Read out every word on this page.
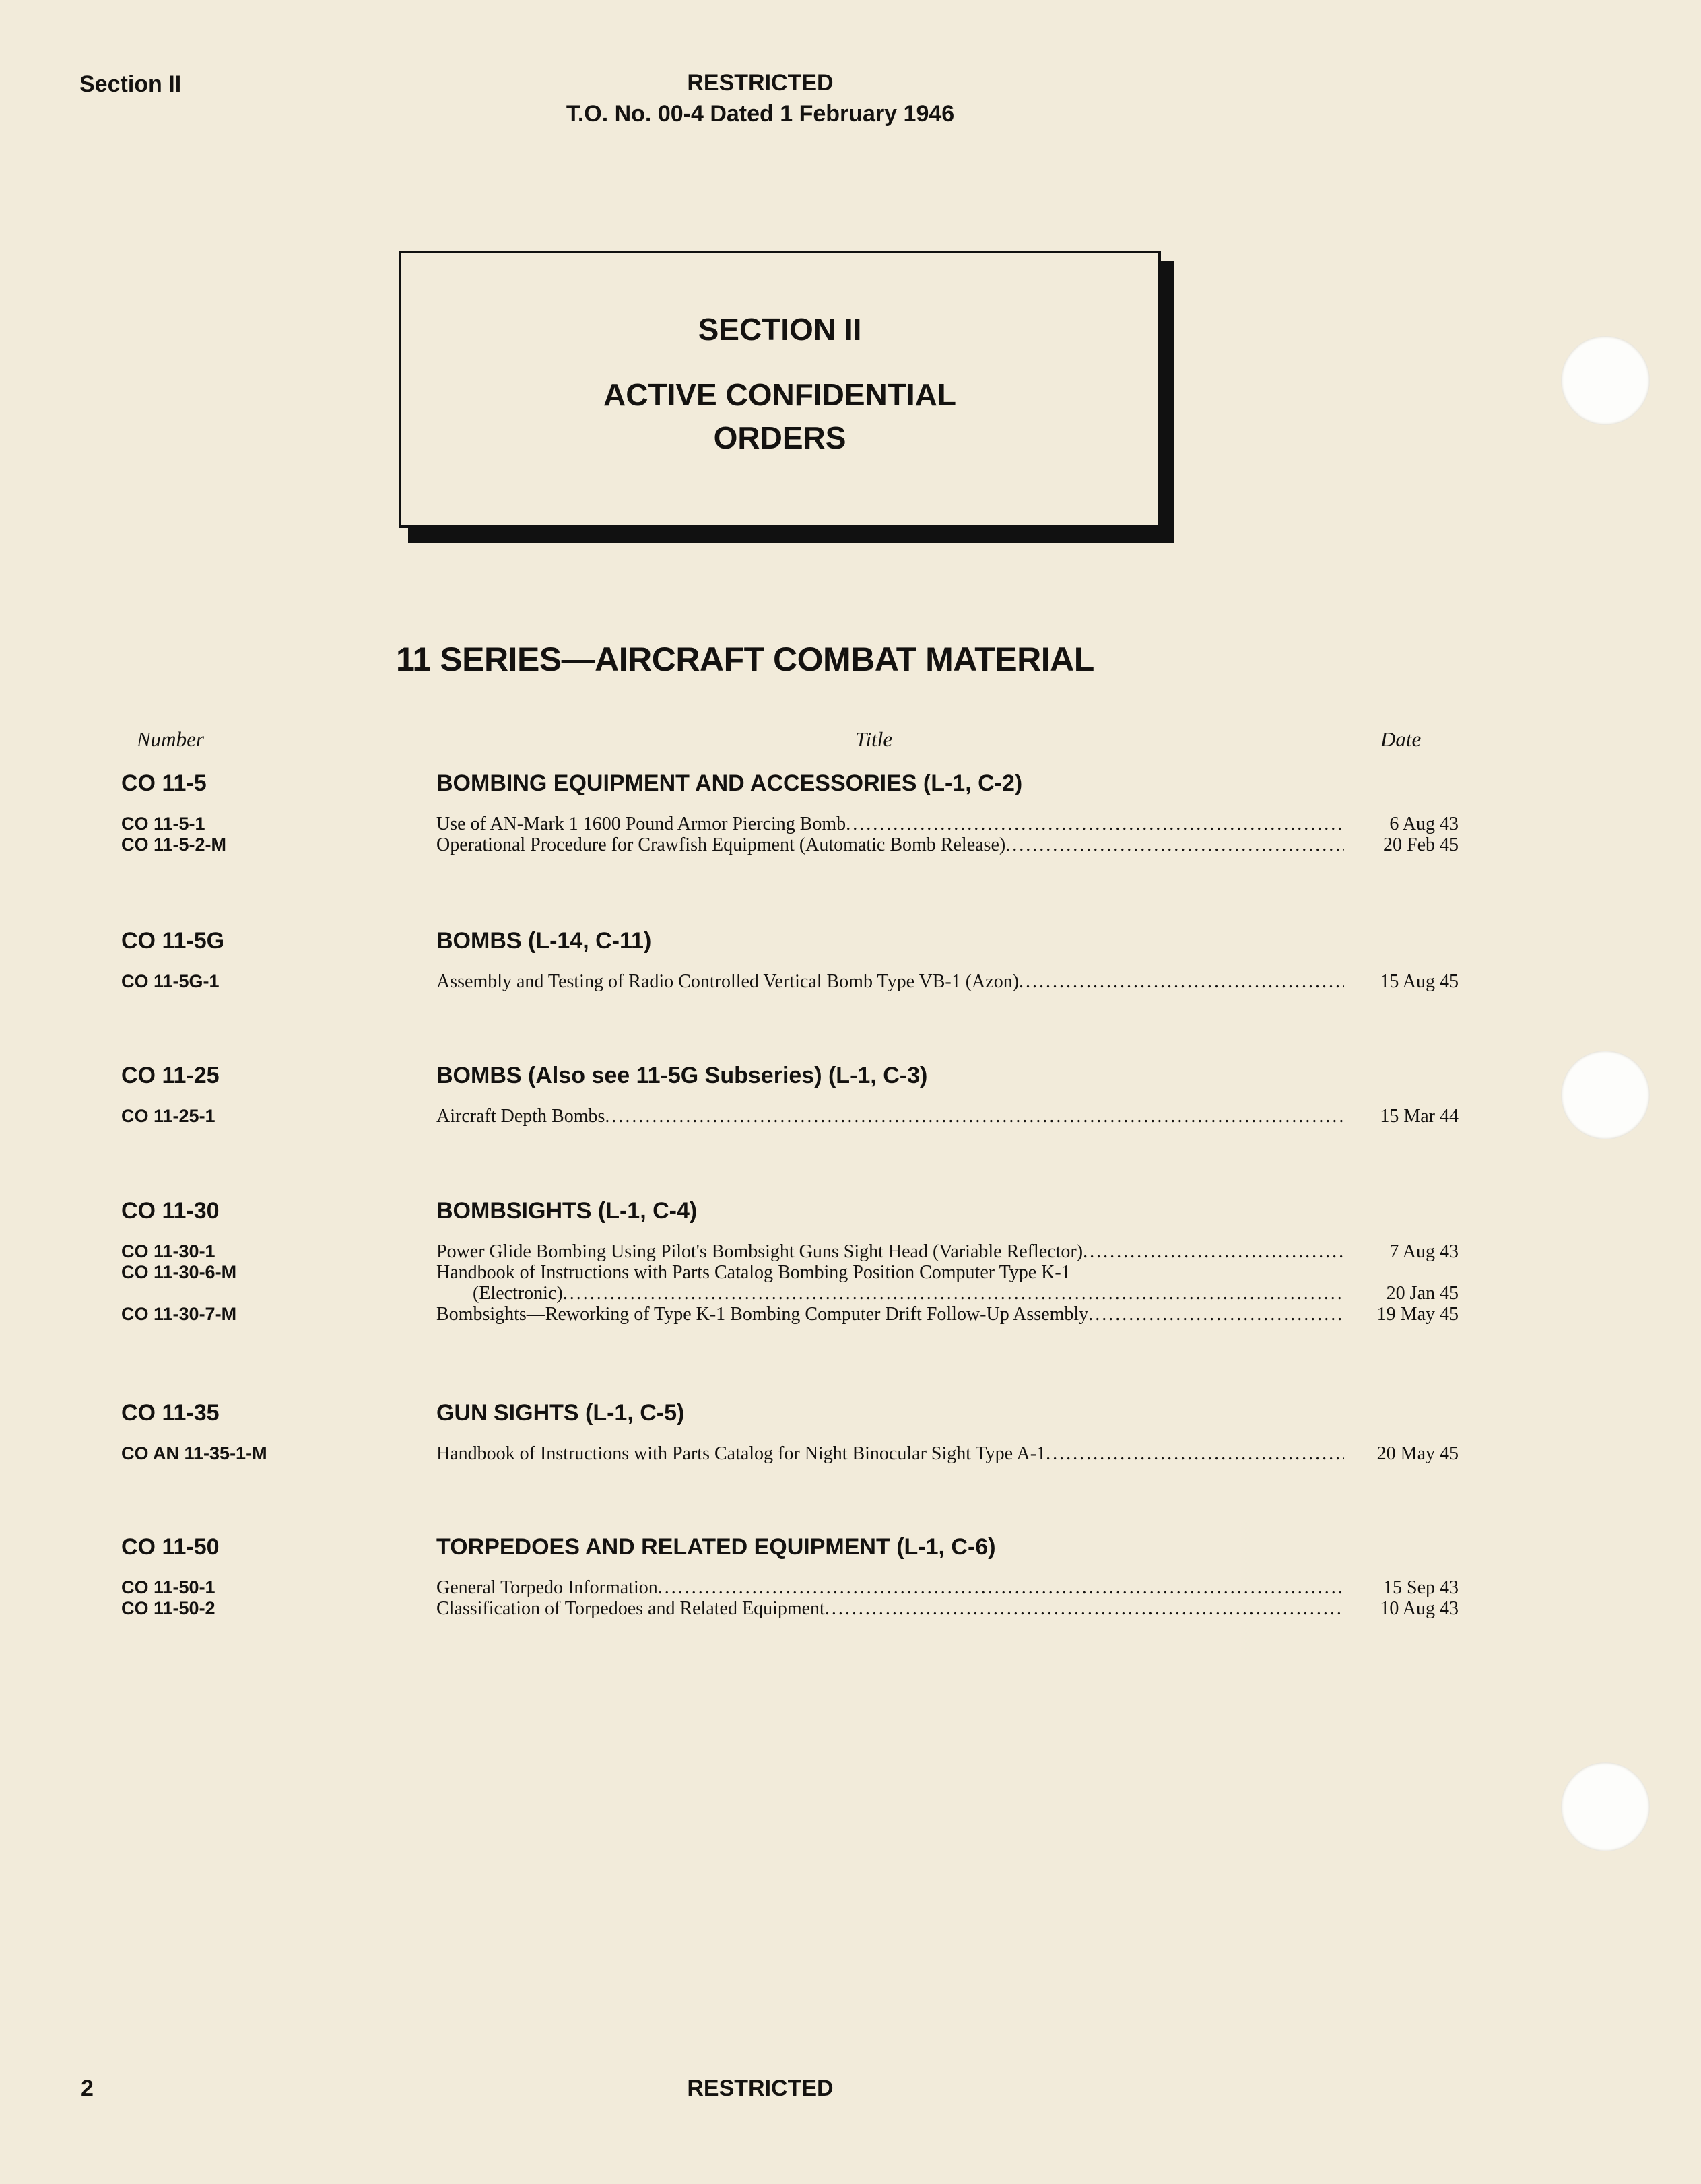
Section II	RESTRICTED
T.O. No. 00-4 Dated 1 February 1946
SECTION II
ACTIVE CONFIDENTIAL
ORDERS
11 SERIES—AIRCRAFT COMBAT MATERIAL
Number	Title	Date
CO 11-5	BOMBING EQUIPMENT AND ACCESSORIES (L-1, C-2)
CO 11-5-1	Use of AN-Mark 1 1600 Pound Armor Piercing Bomb .....	6 Aug 43
CO 11-5-2-M	Operational Procedure for Crawfish Equipment (Automatic Bomb Release) .....	20 Feb 45
CO 11-5G	BOMBS (L-14, C-11)
CO 11-5G-1	Assembly and Testing of Radio Controlled Vertical Bomb Type VB-1 (Azon) .....	15 Aug 45
CO 11-25	BOMBS (Also see 11-5G Subseries) (L-1, C-3)
CO 11-25-1	Aircraft Depth Bombs .....	15 Mar 44
CO 11-30	BOMBSIGHTS (L-1, C-4)
CO 11-30-1	Power Glide Bombing Using Pilot's Bombsight Guns Sight Head (Variable Reflector) .....	7 Aug 43
CO 11-30-6-M	Handbook of Instructions with Parts Catalog Bombing Position Computer Type K-1
(Electronic) .....	20 Jan 45
CO 11-30-7-M	Bombsights—Reworking of Type K-1 Bombing Computer Drift Follow-Up Assembly .....	19 May 45
CO 11-35	GUN SIGHTS (L-1, C-5)
CO AN 11-35-1-M	Handbook of Instructions with Parts Catalog for Night Binocular Sight Type A-1 .....	20 May 45
CO 11-50	TORPEDOES AND RELATED EQUIPMENT (L-1, C-6)
CO 11-50-1	General Torpedo Information .....	15 Sep 43
CO 11-50-2	Classification of Torpedoes and Related Equipment .....	10 Aug 43
2	RESTRICTED
